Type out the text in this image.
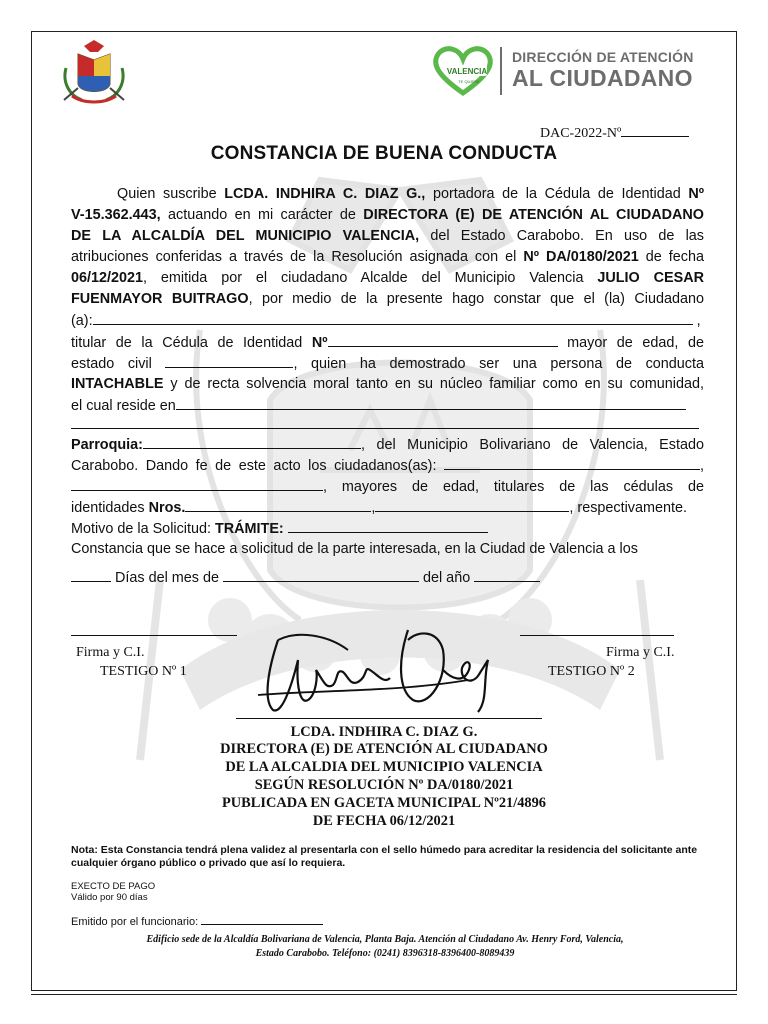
VALENCIA
TE QUIERE
DIRECCIÓN DE ATENCIÓN
AL CIUDADANO
DAC-2022-Nº
CONSTANCIA DE BUENA CONDUCTA
Quien suscribe LCDA. INDHIRA C. DIAZ G., portadora de la Cédula de Identidad Nº
V-15.362.443, actuando en mi carácter de DIRECTORA (E) DE ATENCIÓN AL CIUDADANO
DE LA ALCALDÍA DEL MUNICIPIO VALENCIA, del Estado Carabobo. En uso de las
atribuciones conferidas a través de la Resolución asignada con el Nº DA/0180/2021 de fecha
06/12/2021, emitida por el ciudadano Alcalde del Municipio Valencia JULIO CESAR
FUENMAYOR BUITRAGO, por medio de la presente hago constar que el (la) Ciudadano
(a):	,
titular de la Cédula de Identidad Nº	mayor de edad, de
estado civil	, quien ha demostrado ser una persona de conducta
INTACHABLE y de recta solvencia moral tanto en su núcleo familiar como en su comunidad,
el cual reside en
Parroquia:	, del Municipio Bolivariano de Valencia, Estado
Carabobo. Dando fe de este acto los ciudadanos(as):	,
, mayores de edad, titulares de las cédulas de
identidades Nros.	,	, respectivamente.
Motivo de la Solicitud: TRÁMITE:
Constancia que se hace a solicitud de la parte interesada, en la Ciudad de Valencia a los
Días del mes de	del año
Firma y C.I.
TESTIGO Nº 1
Firma y C.I.
TESTIGO Nº 2
LCDA. INDHIRA C. DIAZ G.
DIRECTORA (E) DE ATENCIÓN AL CIUDADANO
DE LA ALCALDIA DEL MUNICIPIO VALENCIA
SEGÚN RESOLUCIÓN Nº DA/0180/2021
PUBLICADA EN GACETA MUNICIPAL Nº21/4896
DE FECHA 06/12/2021
Nota: Esta Constancia tendrá plena validez al presentarla con el sello húmedo para acreditar la residencia del solicitante ante cualquier órgano público o privado que así lo requiera.
EXECTO DE PAGO
Válido por 90 días
Emitido por el funcionario:
Edificio sede de la Alcaldía Bolivariana de Valencia, Planta Baja. Atención al Ciudadano Av. Henry Ford, Valencia,
Estado Carabobo. Teléfono: (0241) 8396318-8396400-8089439
